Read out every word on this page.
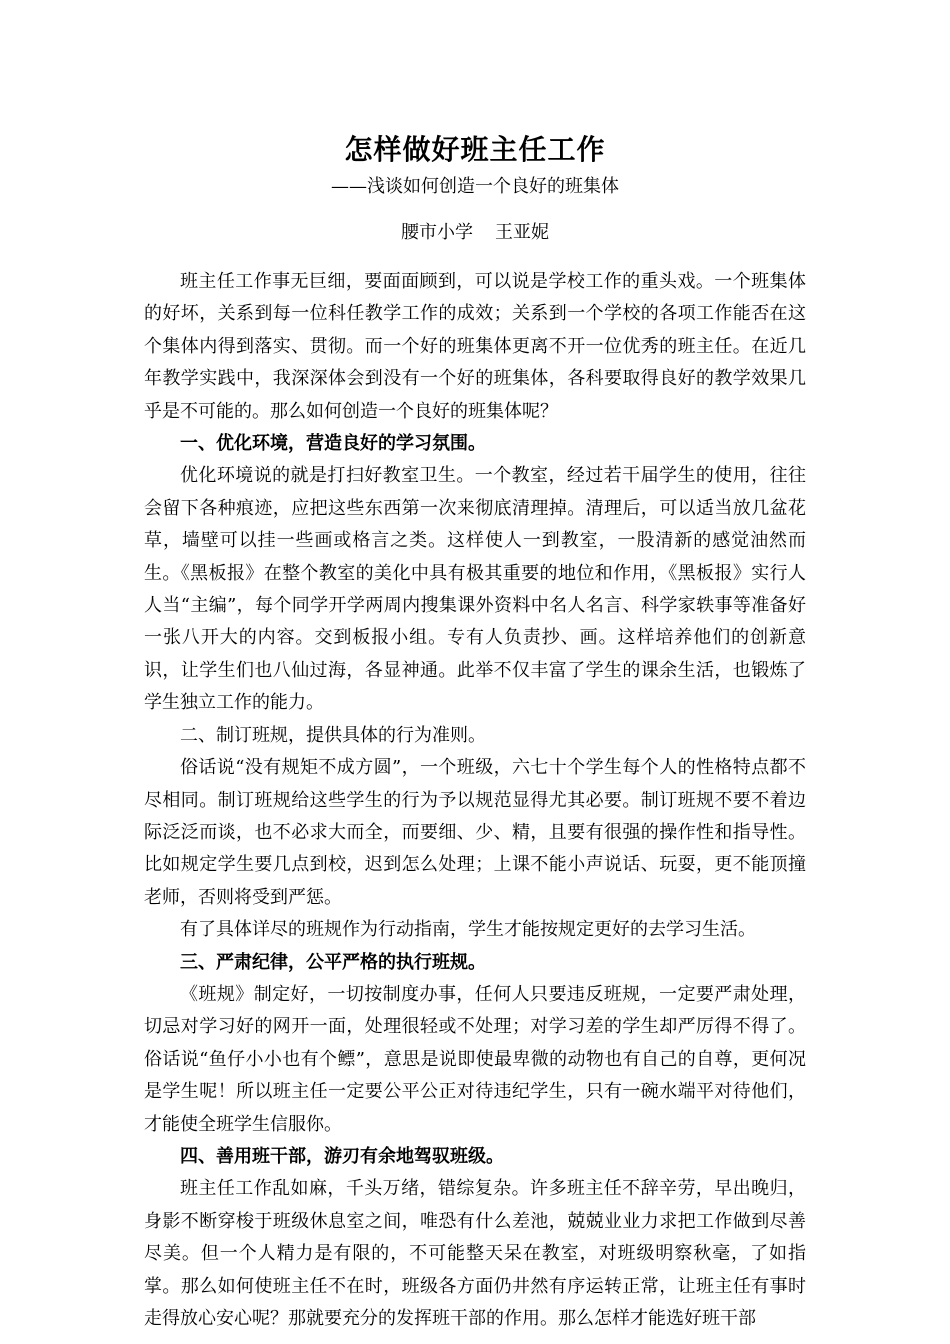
怎样做好班主任工作

——浅谈如何创造一个良好的班集体

腰市小学 王亚妮

班主任工作事无巨细，要面面顾到，可以说是学校工作的重头戏。一个班集体的好坏，关系到每一位科任教学工作的成效；关系到一个学校的各项工作能否在这个集体内得到落实、贯彻。而一个好的班集体更离不开一位优秀的班主任。在近几年教学实践中，我深深体会到没有一个好的班集体，各科要取得良好的教学效果几乎是不可能的。那么如何创造一个良好的班集体呢？

一、优化环境，营造良好的学习氛围。

优化环境说的就是打扫好教室卫生。一个教室，经过若干届学生的使用，往往会留下各种痕迹，应把这些东西第一次来彻底清理掉。清理后，可以适当放几盆花草，墙壁可以挂一些画或格言之类。这样使人一到教室，一股清新的感觉油然而生。《黑板报》在整个教室的美化中具有极其重要的地位和作用，《黑板报》实行人人当“主编”，每个同学开学两周内搜集课外资料中名人名言、科学家轶事等准备好一张八开大的内容。交到板报小组。专有人负责抄、画。这样培养他们的创新意识，让学生们也八仙过海，各显神通。此举不仅丰富了学生的课余生活，也锻炼了学生独立工作的能力。

二、制订班规，提供具体的行为准则。

俗话说“没有规矩不成方圆”，一个班级，六七十个学生每个人的性格特点都不尽相同。制订班规给这些学生的行为予以规范显得尤其必要。制订班规不要不着边际泛泛而谈，也不必求大而全，而要细、少、精，且要有很强的操作性和指导性。比如规定学生要几点到校，迟到怎么处理；上课不能小声说话、玩耍，更不能顶撞老师，否则将受到严惩。

有了具体详尽的班规作为行动指南，学生才能按规定更好的去学习生活。

三、严肃纪律，公平严格的执行班规。

《班规》制定好，一切按制度办事，任何人只要违反班规，一定要严肃处理，切忌对学习好的网开一面，处理很轻或不处理；对学习差的学生却严厉得不得了。俗话说“鱼仔小小也有个鳔”，意思是说即使最卑微的动物也有自己的自尊，更何况是学生呢！所以班主任一定要公平公正对待违纪学生，只有一碗水端平对待他们，才能使全班学生信服你。

四、善用班干部，游刃有余地驾驭班级。

班主任工作乱如麻，千头万绪，错综复杂。许多班主任不辞辛劳，早出晚归，身影不断穿梭于班级休息室之间，唯恐有什么差池，兢兢业业力求把工作做到尽善尽美。但一个人精力是有限的，不可能整天呆在教室，对班级明察秋毫，了如指掌。那么如何使班主任不在时，班级各方面仍井然有序运转正常，让班主任有事时走得放心安心呢？那就要充分的发挥班干部的作用。那么怎样才能选好班干部
